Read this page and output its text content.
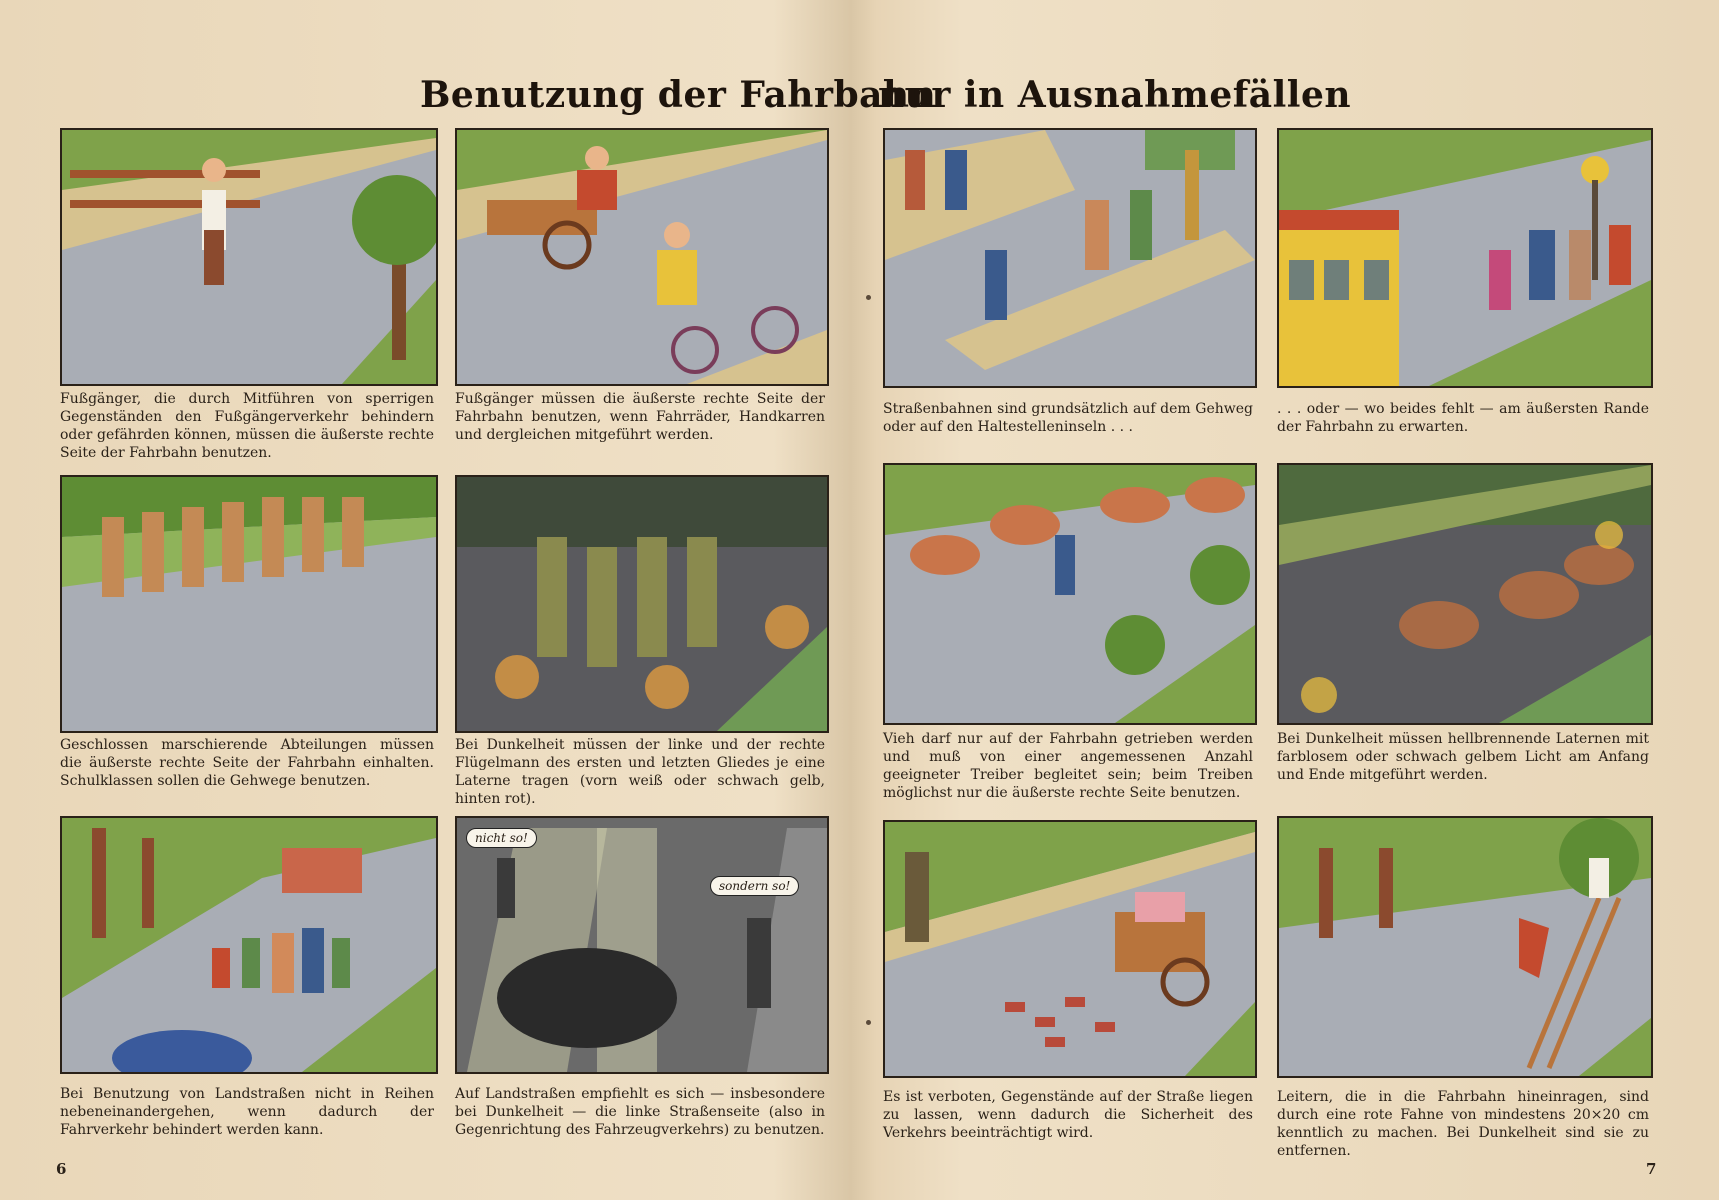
Benutzung der Fahrbahn
nur in Ausnahmefällen
Fußgänger, die durch Mitführen von sperrigen Gegenständen den Fußgängerverkehr behindern oder gefährden können, müssen die äußerste rechte Seite der Fahrbahn benutzen.
Fußgänger müssen die äußerste rechte Seite der Fahrbahn benutzen, wenn Fahrräder, Handkarren und dergleichen mitgeführt werden.
Straßenbahnen sind grundsätzlich auf dem Gehweg oder auf den Haltestelleninseln . . .
. . . oder — wo beides fehlt — am äußersten Rande der Fahrbahn zu erwarten.
Geschlossen marschierende Abteilungen müssen die äußerste rechte Seite der Fahrbahn einhalten. Schulklassen sollen die Gehwege benutzen.
Bei Dunkelheit müssen der linke und der rechte Flügelmann des ersten und letzten Gliedes je eine Laterne tragen (vorn weiß oder schwach gelb, hinten rot).
Vieh darf nur auf der Fahrbahn getrieben werden und muß von einer angemessenen Anzahl geeigneter Treiber begleitet sein; beim Treiben möglichst nur die äußerste rechte Seite benutzen.
Bei Dunkelheit müssen hellbrennende Laternen mit farblosem oder schwach gelbem Licht am Anfang und Ende mitgeführt werden.
nicht so!
sondern so!
Bei Benutzung von Landstraßen nicht in Reihen nebeneinandergehen, wenn dadurch der Fahrverkehr behindert werden kann.
Auf Landstraßen empfiehlt es sich — insbesondere bei Dunkelheit — die linke Straßenseite (also in Gegenrichtung des Fahrzeugverkehrs) zu benutzen.
Es ist verboten, Gegenstände auf der Straße liegen zu lassen, wenn dadurch die Sicherheit des Verkehrs beeinträchtigt wird.
Leitern, die in die Fahrbahn hineinragen, sind durch eine rote Fahne von mindestens 20×20 cm kenntlich zu machen. Bei Dunkelheit sind sie zu entfernen.
6	7
